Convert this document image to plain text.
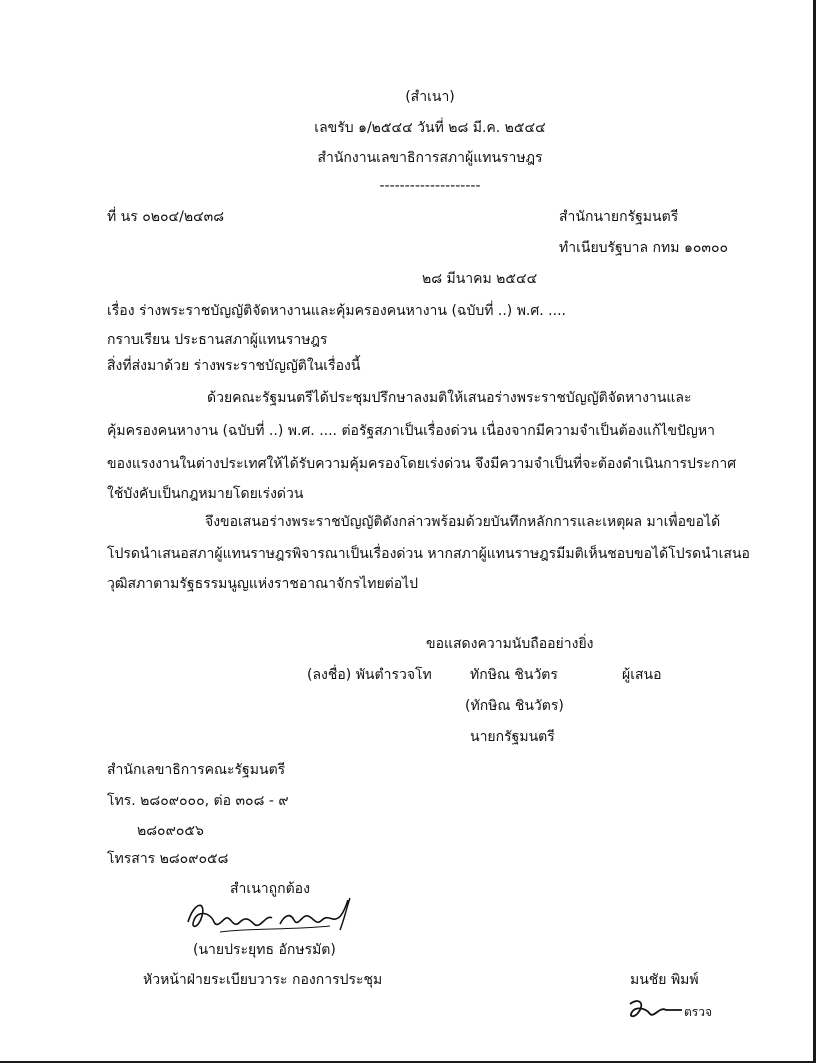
(สำเนา)
เลขรับ ๑/๒๕๔๔ วันที่ ๒๘ มี.ค. ๒๕๔๔
สำนักงานเลขาธิการสภาผู้แทนราษฎร
--------------------
ที่ นร ๐๒๐๔/๒๔๓๘	สำนักนายกรัฐมนตรี
ทำเนียบรัฐบาล กทม ๑๐๓๐๐
๒๘ มีนาคม ๒๕๔๔
เรื่อง ร่างพระราชบัญญัติจัดหางานและคุ้มครองคนหางาน (ฉบับที่ ..) พ.ศ. ....
กราบเรียน ประธานสภาผู้แทนราษฎร
สิ่งที่ส่งมาด้วย ร่างพระราชบัญญัติในเรื่องนี้
ด้วยคณะรัฐมนตรีได้ประชุมปรึกษาลงมติให้เสนอร่างพระราชบัญญัติจัดหางานและ
คุ้มครองคนหางาน (ฉบับที่ ..) พ.ศ. .... ต่อรัฐสภาเป็นเรื่องด่วน เนื่องจากมีความจำเป็นต้องแก้ไขปัญหา
ของแรงงานในต่างประเทศให้ได้รับความคุ้มครองโดยเร่งด่วน จึงมีความจำเป็นที่จะต้องดำเนินการประกาศ
ใช้บังคับเป็นกฎหมายโดยเร่งด่วน
จึงขอเสนอร่างพระราชบัญญัติดังกล่าวพร้อมด้วยบันทึกหลักการและเหตุผล มาเพื่อขอได้
โปรดนำเสนอสภาผู้แทนราษฎรพิจารณาเป็นเรื่องด่วน หากสภาผู้แทนราษฎรมีมติเห็นชอบขอได้โปรดนำเสนอ
วุฒิสภาตามรัฐธรรมนูญแห่งราชอาณาจักรไทยต่อไป
ขอแสดงความนับถืออย่างยิ่ง
(ลงชื่อ) พันตำรวจโท	ทักษิณ ชินวัตร	ผู้เสนอ
(ทักษิณ ชินวัตร)
นายกรัฐมนตรี
สำนักเลขาธิการคณะรัฐมนตรี
โทร. ๒๘๐๙๐๐๐, ต่อ ๓๐๘ - ๙
๒๘๐๙๐๕๖
โทรสาร ๒๘๐๙๐๕๘
สำเนาถูกต้อง
(นายประยุทธ อักษรมัต)
หัวหน้าฝ่ายระเบียบวาระ กองการประชุม	มนชัย พิมพ์
ตรวจ
